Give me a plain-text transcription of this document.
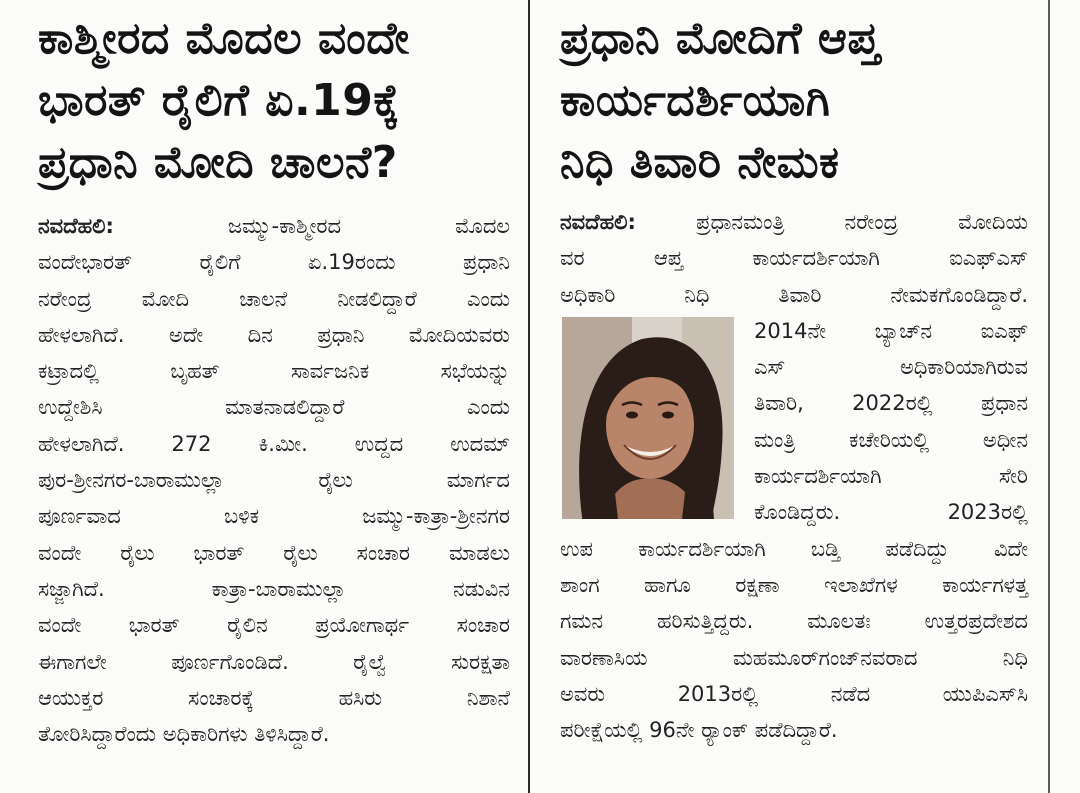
ಕಾಶ್ಮೀರದ ಮೊದಲ ವಂದೇ
ಭಾರತ್ ರೈಲಿಗೆ ಏ.19ಕ್ಕೆ
ಪ್ರಧಾನಿ ಮೋದಿ ಚಾಲನೆ?
ನವದೆಹಲಿ: ಜಮ್ಮು-ಕಾಶ್ಮೀರದ ಮೊದಲ
ವಂದೇಭಾರತ್ ರೈಲಿಗೆ ಏ.19ರಂದು ಪ್ರಧಾನಿ
ನರೇಂದ್ರ ಮೋದಿ ಚಾಲನೆ ನೀಡಲಿದ್ದಾರೆ ಎಂದು
ಹೇಳಲಾಗಿದೆ. ಅದೇ ದಿನ ಪ್ರಧಾನಿ ಮೋದಿಯವರು
ಕಟ್ರಾದಲ್ಲಿ ಬೃಹತ್ ಸಾರ್ವಜನಿಕ ಸಭೆಯನ್ನು
ಉದ್ದೇಶಿಸಿ ಮಾತನಾಡಲಿದ್ದಾರೆ ಎಂದು
ಹೇಳಲಾಗಿದೆ. 272 ಕಿ.ಮೀ. ಉದ್ದದ ಉದಮ್
ಪುರ-ಶ್ರೀನಗರ-ಬಾರಾಮುಲ್ಲಾ ರೈಲು ಮಾರ್ಗದ
ಪೂರ್ಣವಾದ ಬಳಿಕ ಜಮ್ಮು-ಕಾತ್ರಾ-ಶ್ರೀನಗರ
ವಂದೇ ರೈಲು ಭಾರತ್ ರೈಲು ಸಂಚಾರ ಮಾಡಲು
ಸಜ್ಜಾಗಿದೆ. ಕಾತ್ರಾ-ಬಾರಾಮುಲ್ಲಾ ನಡುವಿನ
ವಂದೇ ಭಾರತ್ ರೈಲಿನ ಪ್ರಯೋಗಾರ್ಥ ಸಂಚಾರ
ಈಗಾಗಲೇ ಪೂರ್ಣಗೊಂಡಿದೆ. ರೈಲ್ವೆ ಸುರಕ್ಷತಾ
ಆಯುಕ್ತರ ಸಂಚಾರಕ್ಕೆ ಹಸಿರು ನಿಶಾನೆ
ತೋರಿಸಿದ್ದಾರೆಂದು ಅಧಿಕಾರಿಗಳು ತಿಳಿಸಿದ್ದಾರೆ.
ಪ್ರಧಾನಿ ಮೋದಿಗೆ ಆಪ್ತ
ಕಾರ್ಯದರ್ಶಿಯಾಗಿ
ನಿಧಿ ತಿವಾರಿ ನೇಮಕ
ನವದೆಹಲಿ: ಪ್ರಧಾನಮಂತ್ರಿ ನರೇಂದ್ರ ಮೋದಿಯ
ವರ ಆಪ್ತ ಕಾರ್ಯದರ್ಶಿಯಾಗಿ ಐಎಫ್‌ಎಸ್
ಅಧಿಕಾರಿ ನಿಧಿ ತಿವಾರಿ ನೇಮಕಗೊಂಡಿದ್ದಾರೆ.
2014ನೇ ಬ್ಯಾಚ್‌ನ ಐಎಫ್
ಎಸ್ ಅಧಿಕಾರಿಯಾಗಿರುವ
ತಿವಾರಿ, 2022ರಲ್ಲಿ ಪ್ರಧಾನ
ಮಂತ್ರಿ ಕಚೇರಿಯಲ್ಲಿ ಅಧೀನ
ಕಾರ್ಯದರ್ಶಿಯಾಗಿ ಸೇರಿ
ಕೊಂಡಿದ್ದರು. 2023ರಲ್ಲಿ
ಉಪ ಕಾರ್ಯದರ್ಶಿಯಾಗಿ ಬಡ್ತಿ ಪಡೆದಿದ್ದು ವಿದೇ
ಶಾಂಗ ಹಾಗೂ ರಕ್ಷಣಾ ಇಲಾಖೆಗಳ ಕಾರ್ಯಗಳತ್ತ
ಗಮನ ಹರಿಸುತ್ತಿದ್ದರು. ಮೂಲತಃ ಉತ್ತರಪ್ರದೇಶದ
ವಾರಣಾಸಿಯ ಮಹಮೂರ್‌ಗಂಜ್‌ನವರಾದ ನಿಧಿ
ಅವರು 2013ರಲ್ಲಿ ನಡೆದ ಯುಪಿಎಸ್‌ಸಿ
ಪರೀಕ್ಷೆಯಲ್ಲಿ 96ನೇ ರ್‍ಯಾಂಕ್ ಪಡೆದಿದ್ದಾರೆ.
